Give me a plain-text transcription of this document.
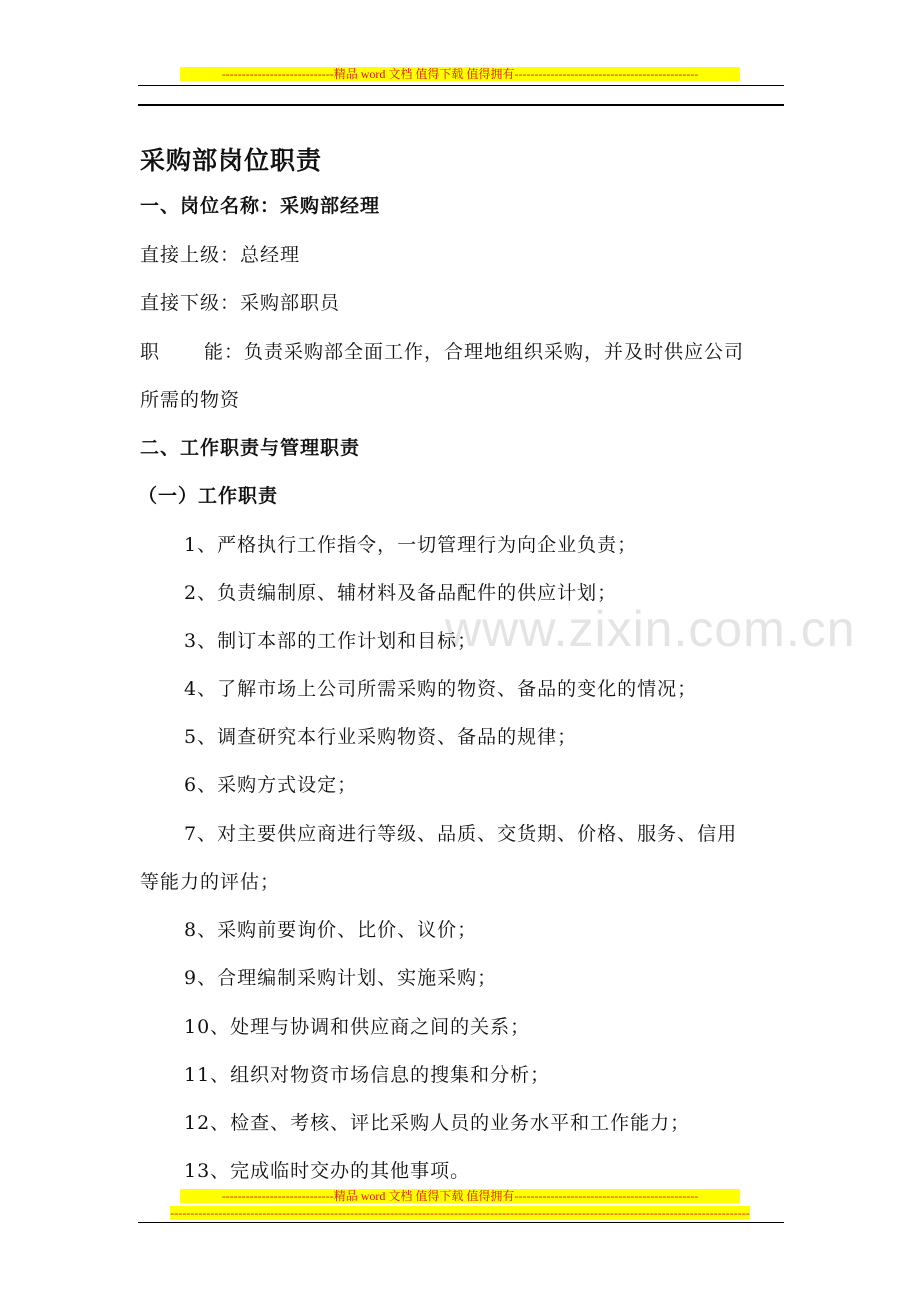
----------------------------精品 word 文档 值得下载 值得拥有----------------------------------------------
www.zixin.com.cn
采购部岗位职责
一、岗位名称：采购部经理
直接上级：总经理
直接下级：采购部职员
职 能：负责采购部全面工作，合理地组织采购，并及时供应公司
所需的物资
二、工作职责与管理职责
（一）工作职责
1、严格执行工作指令，一切管理行为向企业负责；
2、负责编制原、辅材料及备品配件的供应计划；
3、制订本部的工作计划和目标；
4、了解市场上公司所需采购的物资、备品的变化的情况；
5、调查研究本行业采购物资、备品的规律；
6、采购方式设定；
7、对主要供应商进行等级、品质、交货期、价格、服务、信用
等能力的评估；
8、采购前要询价、比价、议价；
9、合理编制采购计划、实施采购；
10、处理与协调和供应商之间的关系；
11、组织对物资市场信息的搜集和分析；
12、检查、考核、评比采购人员的业务水平和工作能力；
13、完成临时交办的其他事项。
----------------------------精品 word 文档 值得下载 值得拥有----------------------------------------------
-------------------------------------------------------------------------------------------------------------------------------------------------
